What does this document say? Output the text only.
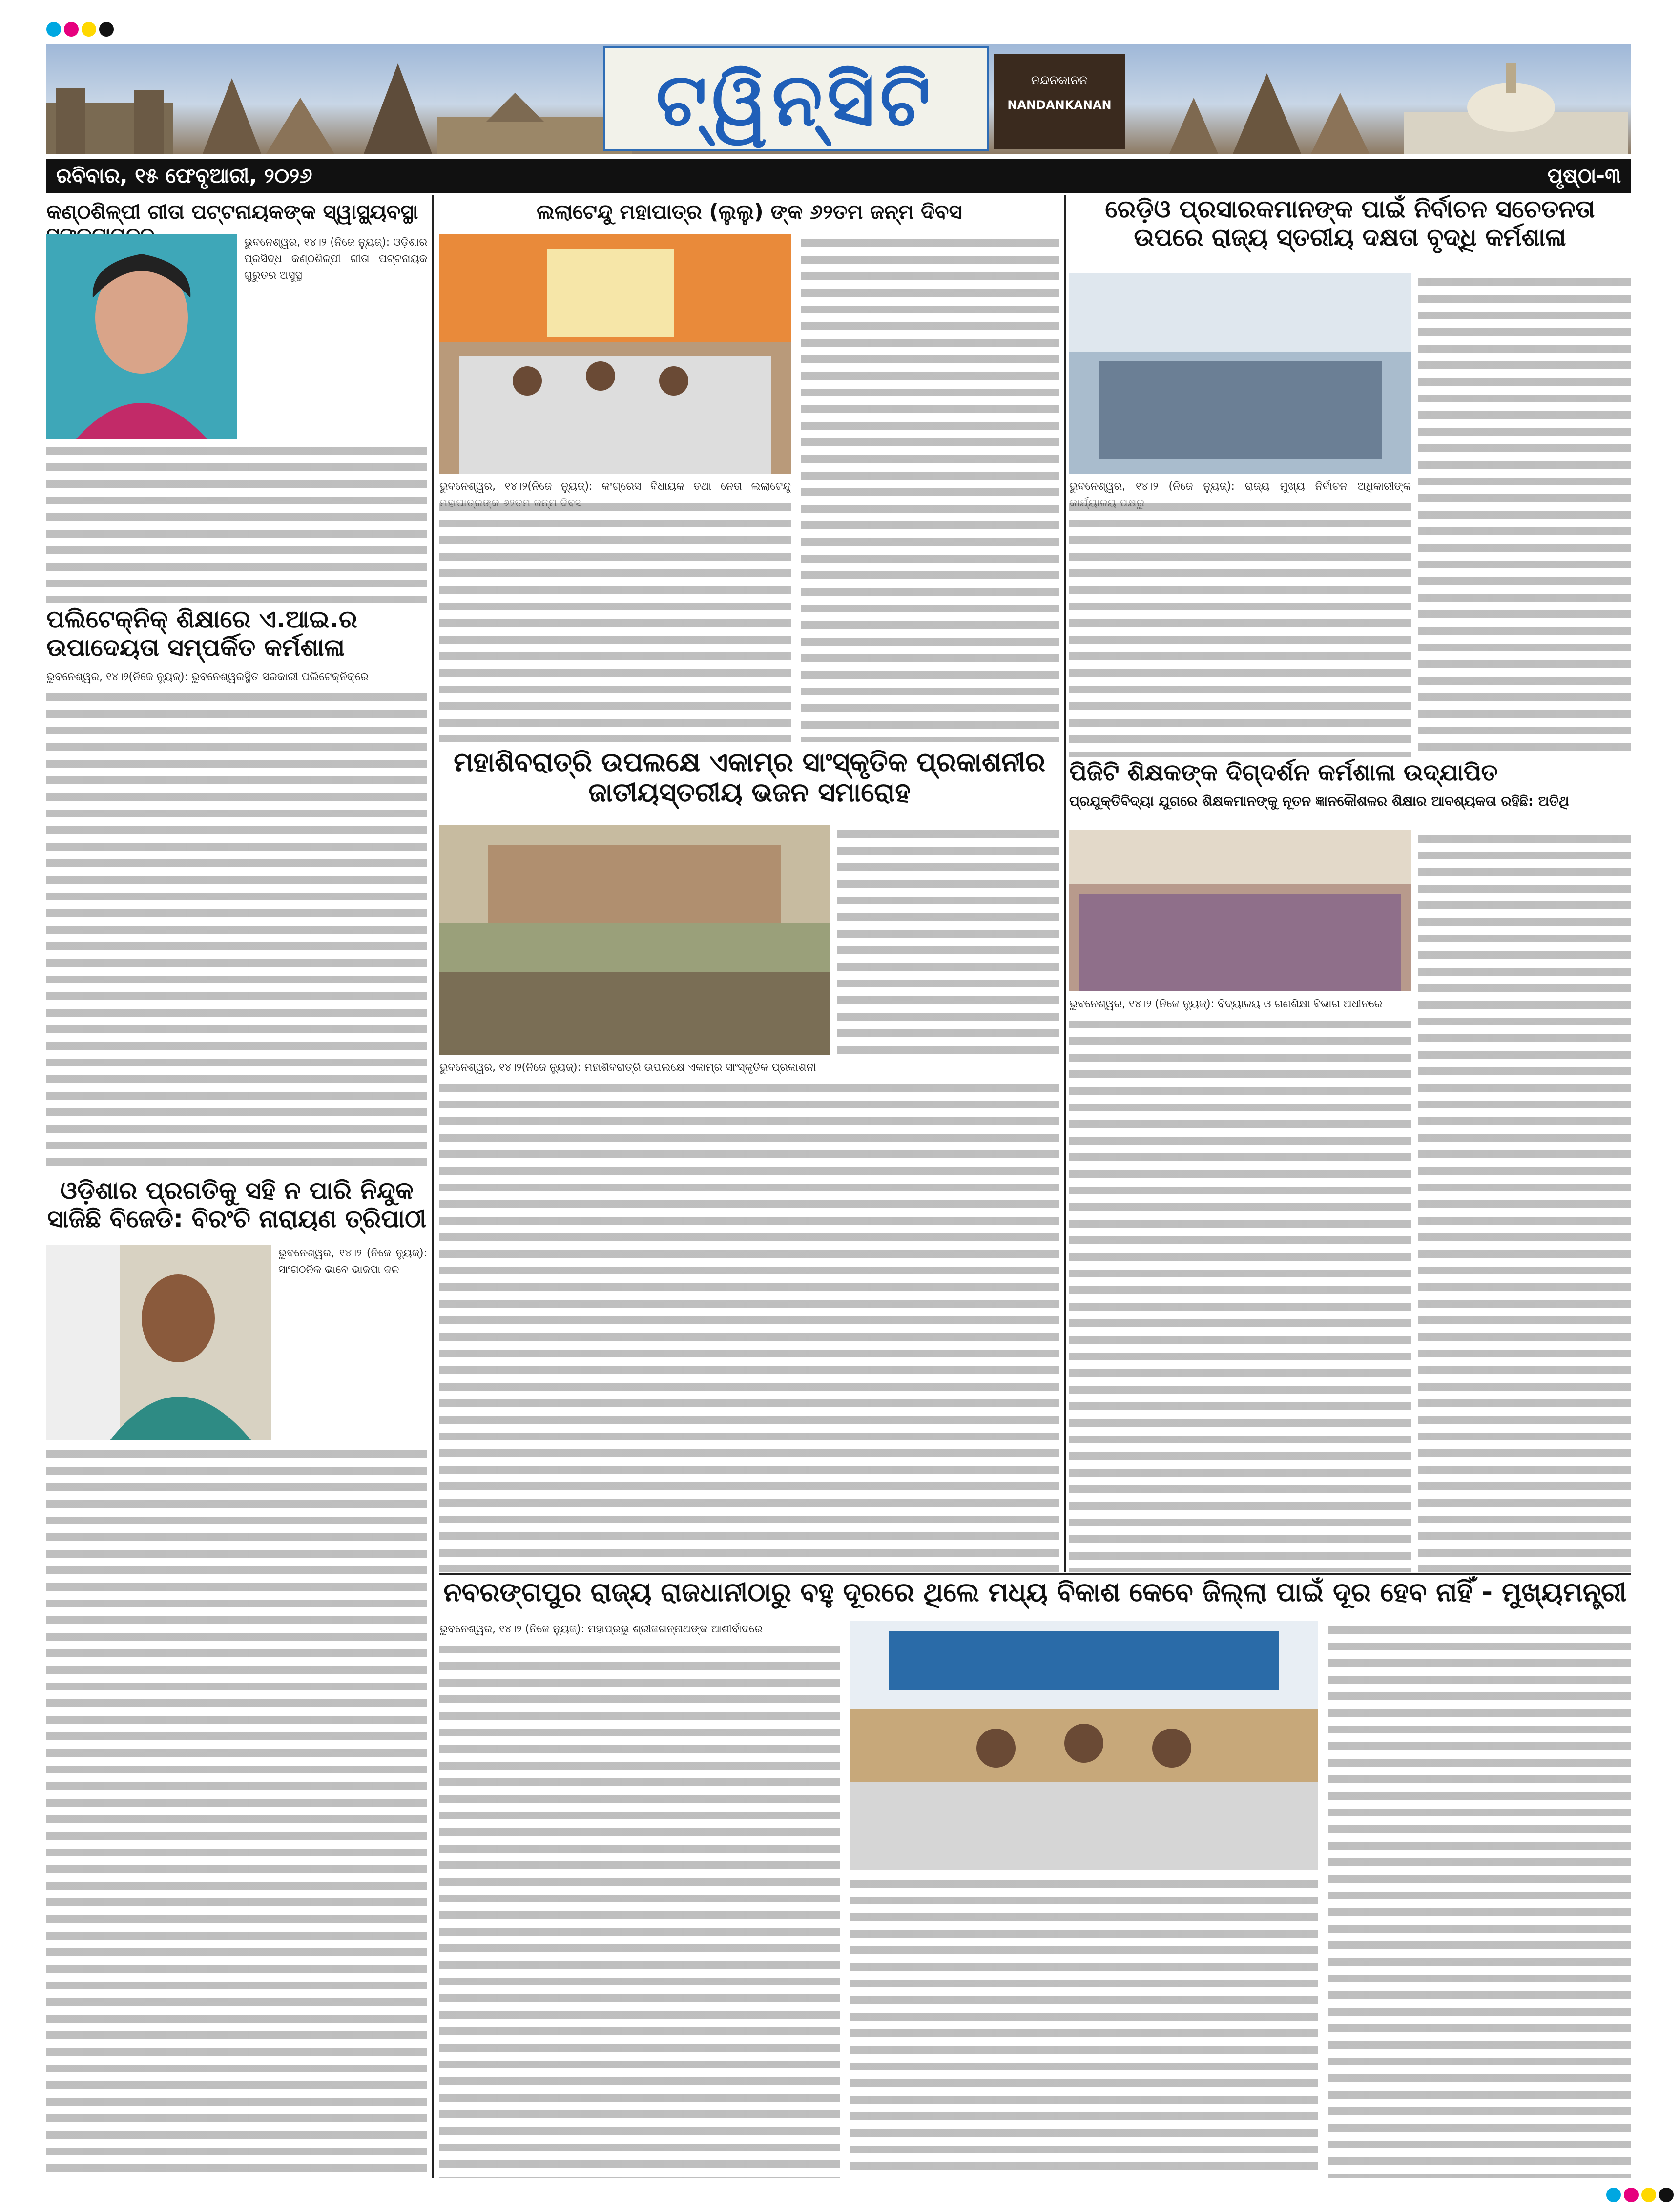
ଟ୍ୱିନ୍‌ସିଟି	ନନ୍ଦନକାନନ
NANDANKANAN
ରବିବାର, ୧୫ ଫେବୃଆରୀ, ୨୦୨୬	ପୃଷ୍ଠା-୩
କଣ୍ଠଶିଳ୍ପୀ ଗୀତା ପଟ୍ଟନାୟକଙ୍କ ସ୍ୱାସ୍ଥ୍ୟବସ୍ଥା
ଭୁବନେଶ୍ୱର, ୧୪।୨ (ନିଜେ ନ୍ୟୁଜ୍): ଓଡ଼ିଶାର ପ୍ରସିଦ୍ଧ କଣ୍ଠଶିଳ୍ପୀ ଗୀତା ପଟ୍ଟନାୟକ ଗୁରୁତର ଅସୁସ୍ଥ
ପଲିଟେକ୍ନିକ୍ ଶିକ୍ଷାରେ ଏ.ଆଇ.ର ଉପାଦେୟତା ସମ୍ପର୍କିତ କର୍ମଶାଳା
ଭୁବନେଶ୍ୱର, ୧୪।୨(ନିଜେ ନ୍ୟୁଜ୍): ଭୁବନେଶ୍ୱରସ୍ଥିତ ସରକାରୀ ପଲିଟେକ୍ନିକ୍‌ରେ
ଓଡ଼ିଶାର ପ୍ରଗତିକୁ ସହି ନ ପାରି ନିନ୍ଦୁକ ସାଜିଛି ବିଜେଡି: ବିରଂଚି ନାରାୟଣ ତ୍ରିପାଠୀ
ଭୁବନେଶ୍ୱର, ୧୪।୨ (ନିଜେ ନ୍ୟୁଜ୍): ସାଂଗଠନିକ ଭାବେ ଭାଜପା ଦଳ
ଲଲାଟେନ୍ଦୁ ମହାପାତ୍ର (ଲୁଲୁ) ଙ୍କ ୬୨ତମ ଜନ୍ମ ଦିବସ
ଭୁବନେଶ୍ୱର, ୧୪।୨(ନିଜେ ନ୍ୟୁଜ୍): କଂଗ୍ରେସ ବିଧାୟକ ତଥା ନେତା ଲଲାଟେନ୍ଦୁ
ମହାଶିବରାତ୍ରି ଉପଲକ୍ଷେ ଏକାମ୍ର ସାଂସ୍କୃତିକ ପ୍ରକାଶନୀର ଜାତୀୟସ୍ତରୀୟ ଭଜନ ସମାରୋହ
ଭୁବନେଶ୍ୱର, ୧୪।୨(ନିଜେ ନ୍ୟୁଜ୍): ମହାଶିବରାତ୍ରି ଉପଲକ୍ଷେ ଏକାମ୍ର ସାଂସ୍କୃତିକ ପ୍ରକାଶନୀ
ରେଡ଼ିଓ ପ୍ରସାରକମାନଙ୍କ ପାଇଁ ନିର୍ବାଚନ ସଚେତନତା ଉପରେ ରାଜ୍ୟ ସ୍ତରୀୟ ଦକ୍ଷତା ବୃଦ୍ଧି କର୍ମଶାଳା
ଭୁବନେଶ୍ୱର, ୧୪।୨ (ନିଜେ ନ୍ୟୁଜ୍): ରାଜ୍ୟ ମୁଖ୍ୟ ନିର୍ବାଚନ ଅଧିକାରୀଙ୍କ
ପିଜିଟି ଶିକ୍ଷକଙ୍କ ଦିଗ୍‌ଦର୍ଶନ କର୍ମଶାଳା ଉଦ୍‌ଯାପିତ
ପ୍ରଯୁକ୍ତିବିଦ୍ୟା ଯୁଗରେ ଶିକ୍ଷକମାନଙ୍କୁ ନୂତନ ଜ୍ଞାନକୌଶଳର ଶିକ୍ଷାର ଆବଶ୍ୟକତା ରହିଛି: ଅତିଥି
ଭୁବନେଶ୍ୱର, ୧୪।୨ (ନିଜେ ନ୍ୟୁଜ୍): ବିଦ୍ୟାଳୟ ଓ ଗଣଶିକ୍ଷା ବିଭାଗ ଅଧୀନରେ
ନବରଙ୍ଗପୁର ରାଜ୍ୟ ରାଜଧାନୀଠାରୁ ବହୁ ଦୂରରେ ଥିଲେ ମଧ୍ୟ ବିକାଶ କେବେ ଜିଲ୍ଲା ପାଇଁ ଦୂର ହେବ ନାହିଁ - ମୁଖ୍ୟମନ୍ତ୍ରୀ
ଭୁବନେଶ୍ୱର, ୧୪।୨ (ନିଜେ ନ୍ୟୁଜ୍): ମହାପ୍ରଭୁ ଶ୍ରୀଜଗନ୍ନାଥଙ୍କ ଆଶୀର୍ବାଦରେ
